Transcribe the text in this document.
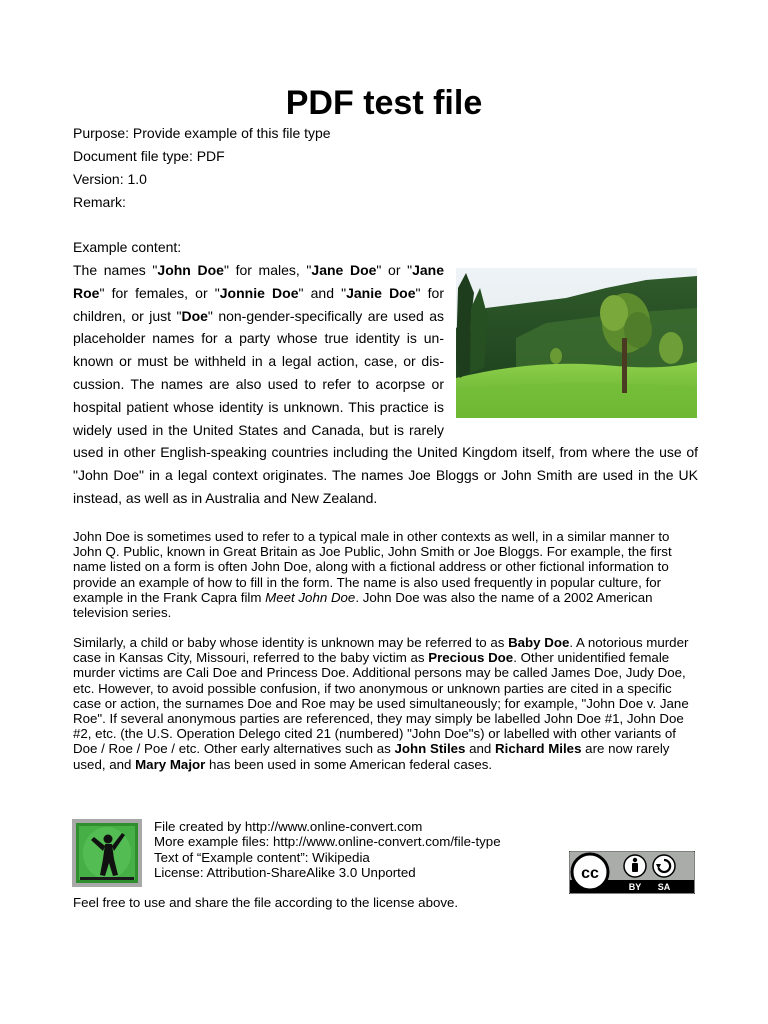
PDF test file
Purpose: Provide example of this file type
Document file type: PDF
Version: 1.0
Remark:
Example content:

The names "John Doe" for males, "Jane Doe" or "Jane Roe" for females, or "Jonnie Doe" and "Janie Doe" for children, or just "Doe" non-gender-specifically are used as placeholder names for a party whose true identity is unknown or must be withheld in a legal action, case, or discussion. The names are also used to refer to acorpse or hospital patient whose identity is unknown. This practice is widely used in the United States and Canada, but is rarely used in other English-speaking countries including the United Kingdom itself, from where the use of "John Doe" in a legal context originates. The names Joe Bloggs or John Smith are used in the UK instead, as well as in Australia and New Zealand.

John Doe is sometimes used to refer to a typical male in other contexts as well, in a similar manner to John Q. Public, known in Great Britain as Joe Public, John Smith or Joe Bloggs. For example, the first name listed on a form is often John Doe, along with a fictional address or other fictional information to provide an example of how to fill in the form. The name is also used frequently in popular culture, for example in the Frank Capra film Meet John Doe. John Doe was also the name of a 2002 American television series.

Similarly, a child or baby whose identity is unknown may be referred to as Baby Doe. A notorious murder case in Kansas City, Missouri, referred to the baby victim as Precious Doe. Other unidentified female murder victims are Cali Doe and Princess Doe. Additional persons may be called James Doe, Judy Doe, etc. However, to avoid possible confusion, if two anonymous or unknown parties are cited in a specific case or action, the surnames Doe and Roe may be used simultaneously; for example, "John Doe v. Jane Roe". If several anonymous parties are referenced, they may simply be labelled John Doe #1, John Doe #2, etc. (the U.S. Operation Delego cited 21 (numbered) "John Doe"s) or labelled with other variants of Doe / Roe / Poe / etc. Other early alternatives such as John Stiles and Richard Miles are now rarely used, and Mary Major has been used in some American federal cases.

File created by http://www.online-convert.com
More example files: http://www.online-convert.com/file-type
Text of “Example content”: Wikipedia
License: Attribution-ShareAlike 3.0 Unported	cc
BY SA
Feel free to use and share the file according to the license above.
